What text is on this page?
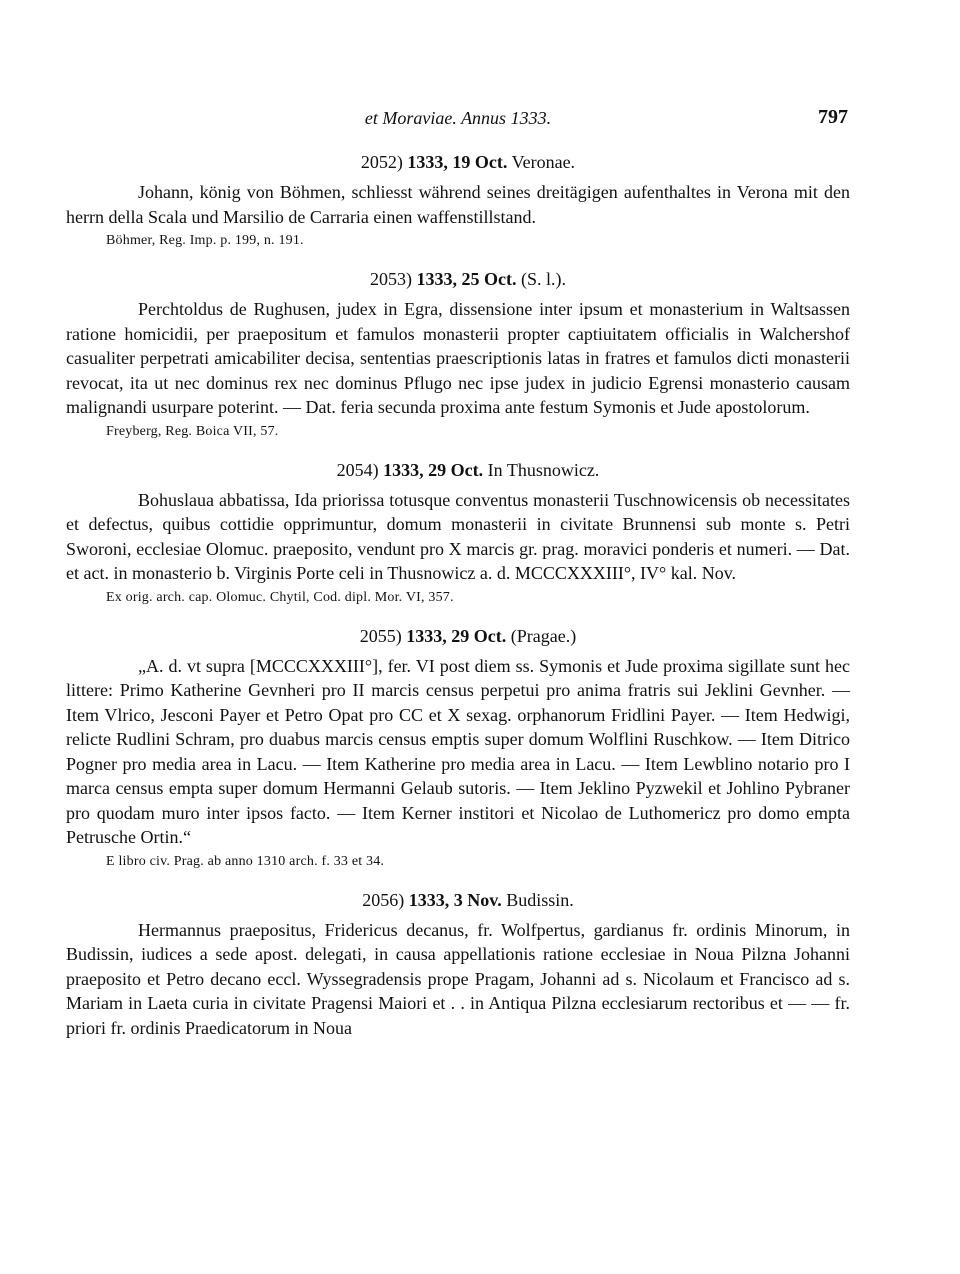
et Moraviae. Annus 1333.	797
2052) 1333, 19 Oct. Veronae.

Johann, könig von Böhmen, schliesst während seines dreitägigen aufenthaltes in Verona mit den herrn della Scala und Marsilio de Carraria einen waffenstillstand.

Böhmer, Reg. Imp. p. 199, n. 191.
2053) 1333, 25 Oct. (S. l.).

Perchtoldus de Rughusen, judex in Egra, dissensione inter ipsum et monasterium in Waltsassen ratione homicidii, per praepositum et famulos monasterii propter captiuitatem officialis in Walchershof casualiter perpetrati amicabiliter decisa, sententias praescriptionis latas in fratres et famulos dicti monasterii revocat, ita ut nec dominus rex nec dominus Pflugo nec ipse judex in judicio Egrensi monasterio causam malignandi usurpare poterint. — Dat. feria secunda proxima ante festum Symonis et Jude apostolorum.

Freyberg, Reg. Boica VII, 57.
2054) 1333, 29 Oct. In Thusnowicz.

Bohuslaua abbatissa, Ida priorissa totusque conventus monasterii Tuschnowicensis ob necessitates et defectus, quibus cottidie opprimuntur, domum monasterii in civitate Brunnensi sub monte s. Petri Sworoni, ecclesiae Olomuc. praeposito, vendunt pro X marcis gr. prag. moravici ponderis et numeri. — Dat. et act. in monasterio b. Virginis Porte celi in Thusnowicz a. d. MCCCXXXIII°, IV° kal. Nov.

Ex orig. arch. cap. Olomuc. Chytil, Cod. dipl. Mor. VI, 357.
2055) 1333, 29 Oct. (Pragae.)

„A. d. vt supra [MCCCXXXIII°], fer. VI post diem ss. Symonis et Jude proxima sigillate sunt hec littere: Primo Katherine Gevnheri pro II marcis census perpetui pro anima fratris sui Jeklini Gevnher. — Item Vlrico, Jesconi Payer et Petro Opat pro CC et X sexag. orphanorum Fridlini Payer. — Item Hedwigi, relicte Rudlini Schram, pro duabus marcis census emptis super domum Wolflini Ruschkow. — Item Ditrico Pogner pro media area in Lacu. — Item Katherine pro media area in Lacu. — Item Lewblino notario pro I marca census empta super domum Hermanni Gelaub sutoris. — Item Jeklino Pyzwekil et Johlino Pybraner pro quodam muro inter ipsos facto. — Item Kerner institori et Nicolao de Luthomericz pro domo empta Petrusche Ortin.“

E libro civ. Prag. ab anno 1310 arch. f. 33 et 34.
2056) 1333, 3 Nov. Budissin.

Hermannus praepositus, Fridericus decanus, fr. Wolfpertus, gardianus fr. ordinis Minorum, in Budissin, iudices a sede apost. delegati, in causa appellationis ratione ecclesiae in Noua Pilzna Johanni praeposito et Petro decano eccl. Wyssegradensis prope Pragam, Johanni ad s. Nicolaum et Francisco ad s. Mariam in Laeta curia in civitate Pragensi Maiori et . . in Antiqua Pilzna ecclesiarum rectoribus et — — fr. priori fr. ordinis Praedicatorum in Noua
